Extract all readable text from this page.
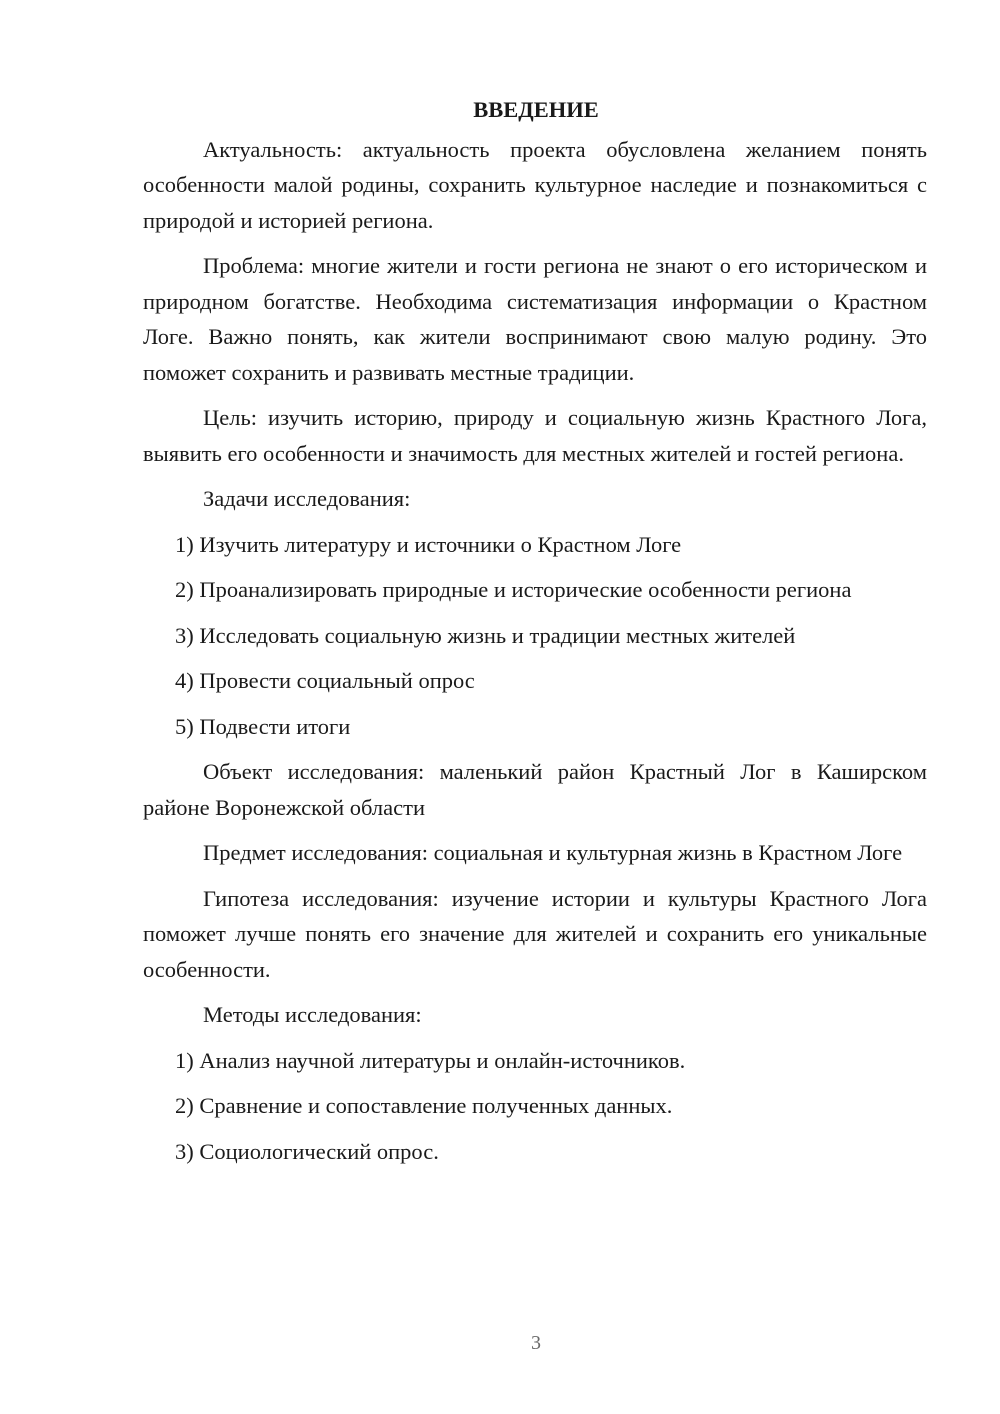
ВВЕДЕНИЕ

Актуальность: актуальность проекта обусловлена желанием понять особенности малой родины, сохранить культурное наследие и познакомиться с природой и историей региона.

Проблема: многие жители и гости региона не знают о его историческом и природном богатстве. Необходима систематизация информации о Крастном Логе. Важно понять, как жители воспринимают свою малую родину. Это поможет сохранить и развивать местные традиции.

Цель: изучить историю, природу и социальную жизнь Крастного Лога, выявить его особенности и значимость для местных жителей и гостей региона.

Задачи исследования:

1) Изучить литературу и источники о Крастном Логе
2) Проанализировать природные и исторические особенности региона
3) Исследовать социальную жизнь и традиции местных жителей
4) Провести социальный опрос
5) Подвести итоги

Объект исследования: маленький район Крастный Лог в Каширском районе Воронежской области

Предмет исследования: социальная и культурная жизнь в Крастном Логе

Гипотеза исследования: изучение истории и культуры Крастного Лога поможет лучше понять его значение для жителей и сохранить его уникальные особенности.

Методы исследования:

1) Анализ научной литературы и онлайн-источников.
2) Сравнение и сопоставление полученных данных.
3) Социологический опрос.
3
